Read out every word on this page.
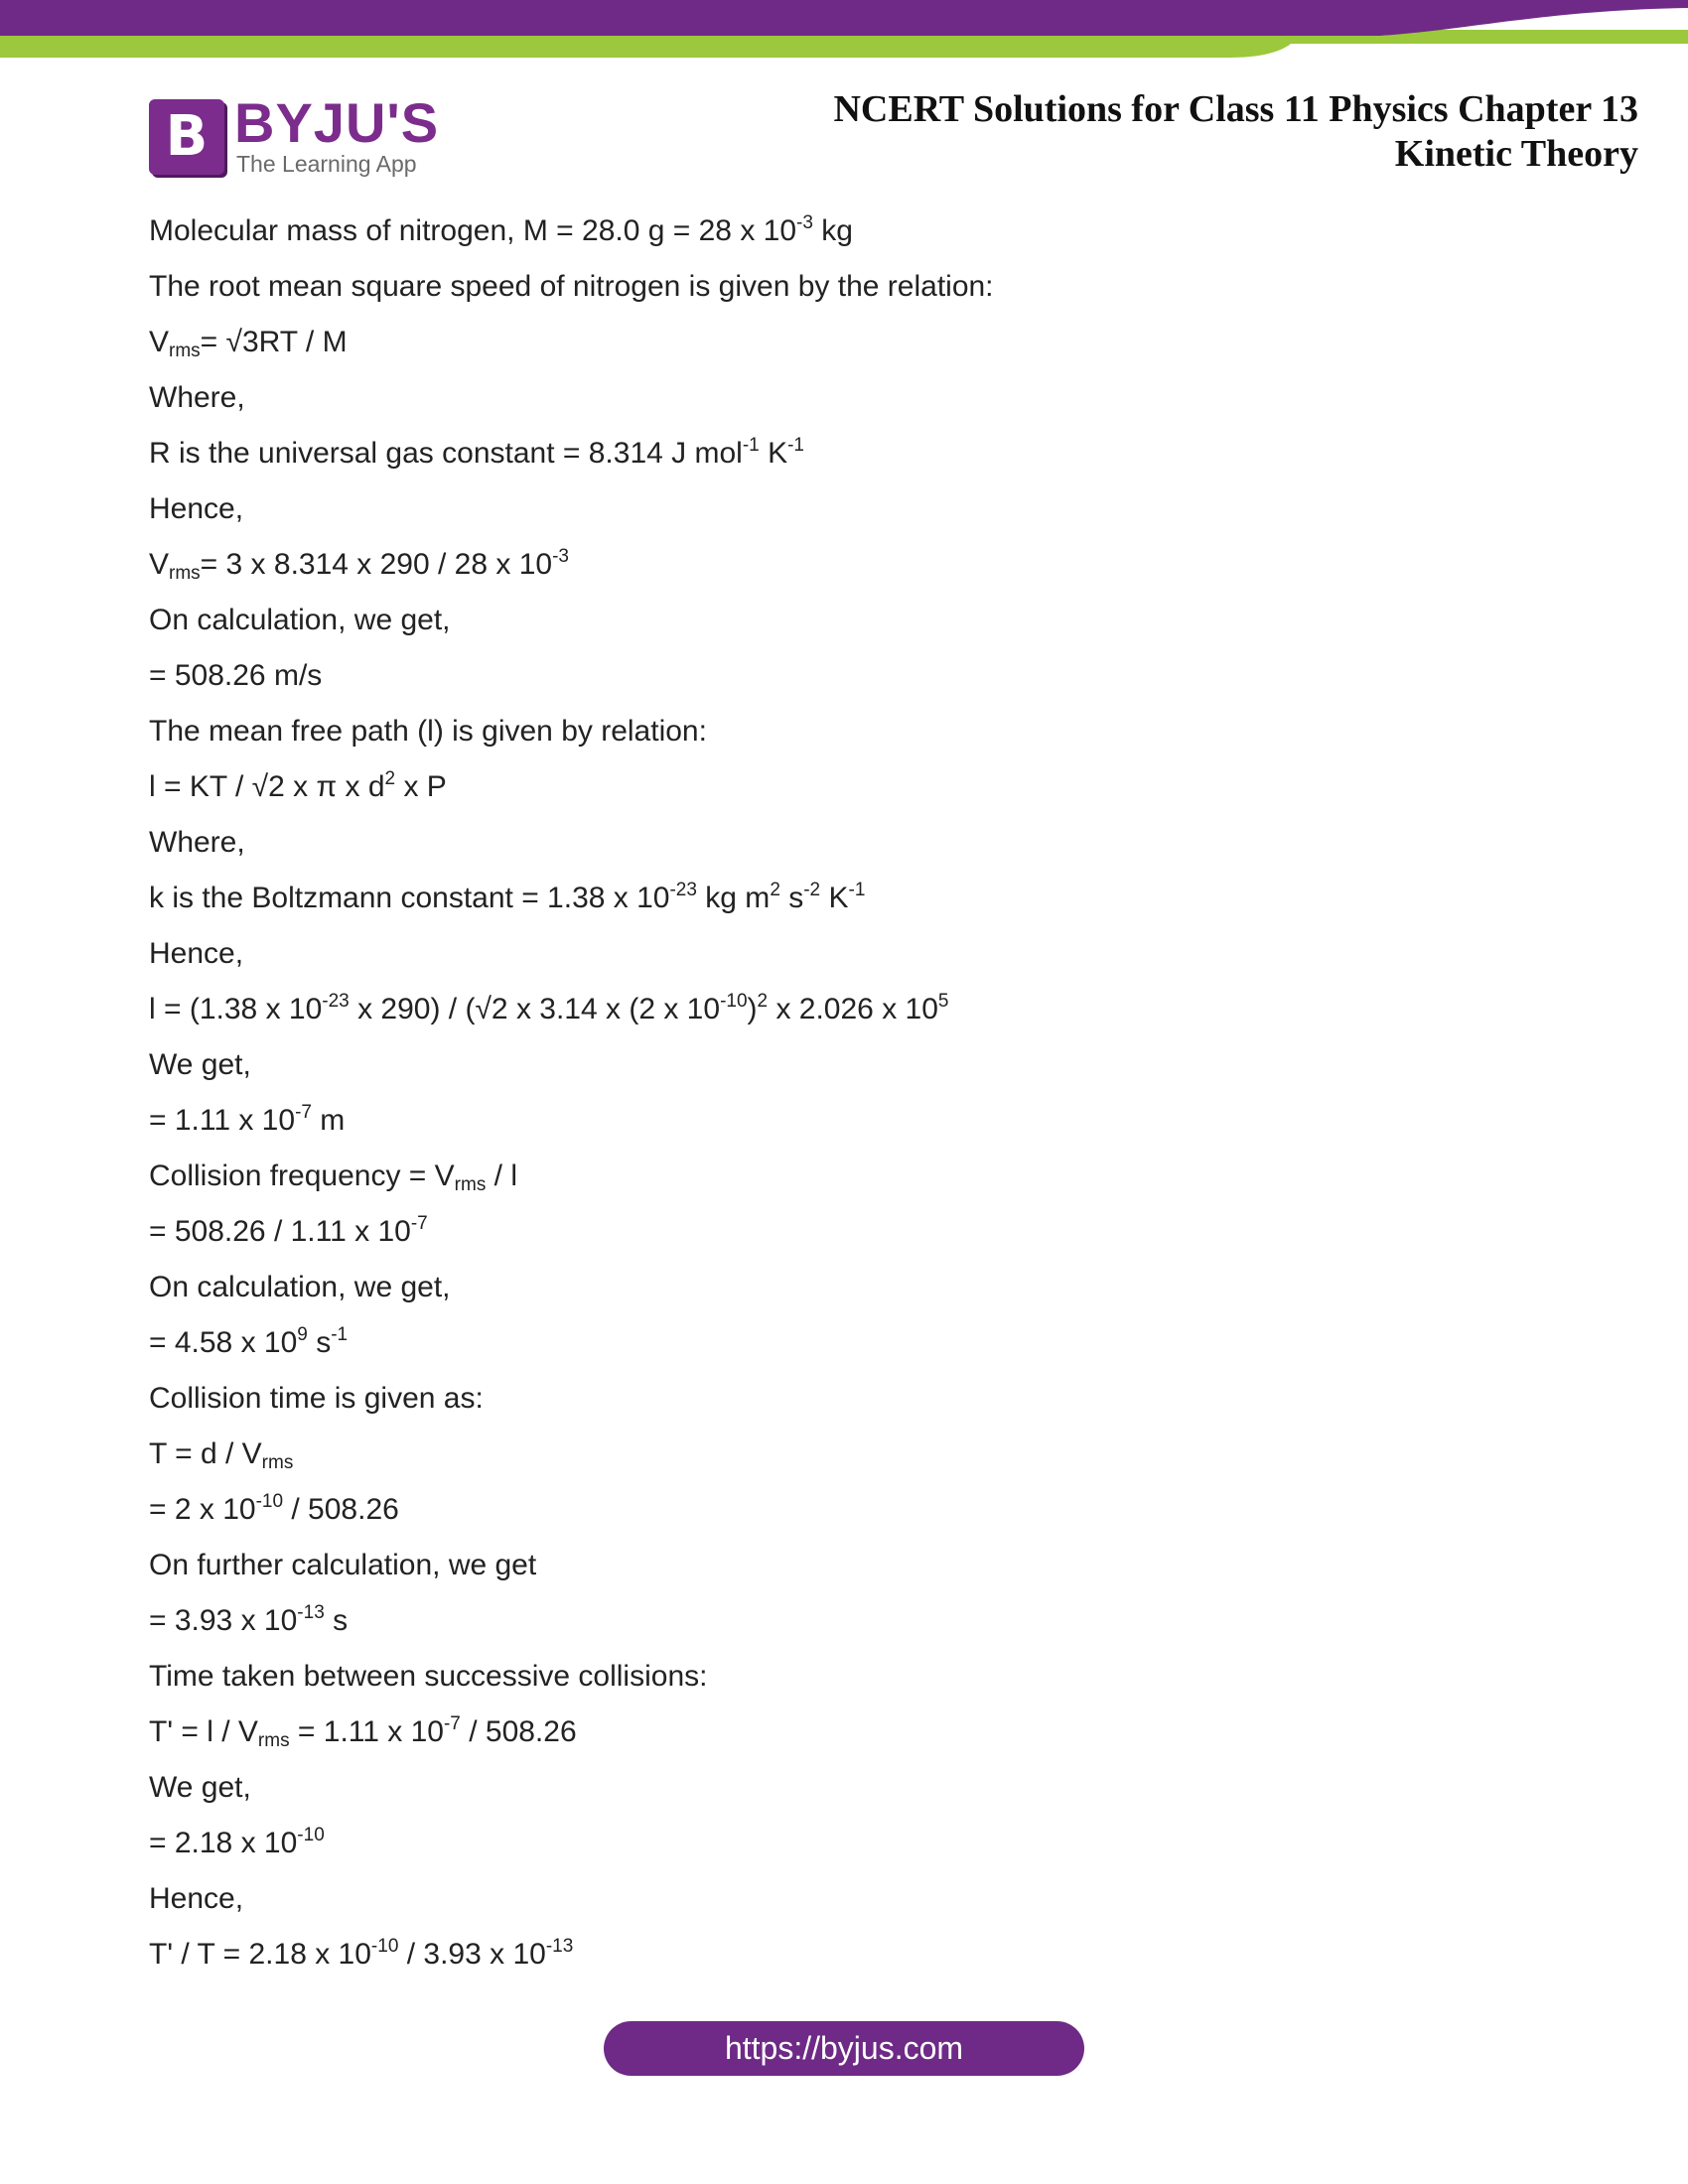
B BYJU'S
The Learning App
NCERT Solutions for Class 11 Physics Chapter 13
Kinetic Theory
Molecular mass of nitrogen, M = 28.0 g = 28 x $10^{-3}$ kg
The root mean square speed of nitrogen is given by the relation:
$V_{rms}= √3RT / M$
Where,
R is the universal gas constant = 8.314 J mol$^{-1}$ $K^{-1}$
Hence,
$V_{rms}= 3$ x 8.314 x 290 / 28 x $10^{-3}$
On calculation, we get,
= 508.26 m/s
The mean free path (l) is given by relation:
l = KT / √2 x π x $d^2$ x P
Where,
k is the Boltzmann constant = 1.38 x $10^{-23}$ kg $m^2$ $s^{-2}$ $K^{-1}$
Hence,
l = (1.38 x $10^{-23}$ x 290) / (√2 x 3.14 x (2 x $10^{-10})^2$ x 2.026 x $10^5$
We get,
= 1.11 x $10^{-7}$ m
Collision frequency = $V_{rms}$ / l
= 508.26 / 1.11 x $10^{-7}$
On calculation, we get,
= 4.58 x $10^9$ $s^{-1}$
Collision time is given as:
$T = d / V_{rms}$
= 2 x $10^{-10} / 508.26$
On further calculation, we get
= 3.93 x $10^{-13}$ s
Time taken between successive collisions:
$T' = l / V_{rms} = 1.11$ x $10^{-7} / 508.26$
We get,
= 2.18 x $10^{-10}$
Hence,
T' / T = 2.18 x $10^{-10} / 3.93$ x $10^{-13}$
https://byjus.com
